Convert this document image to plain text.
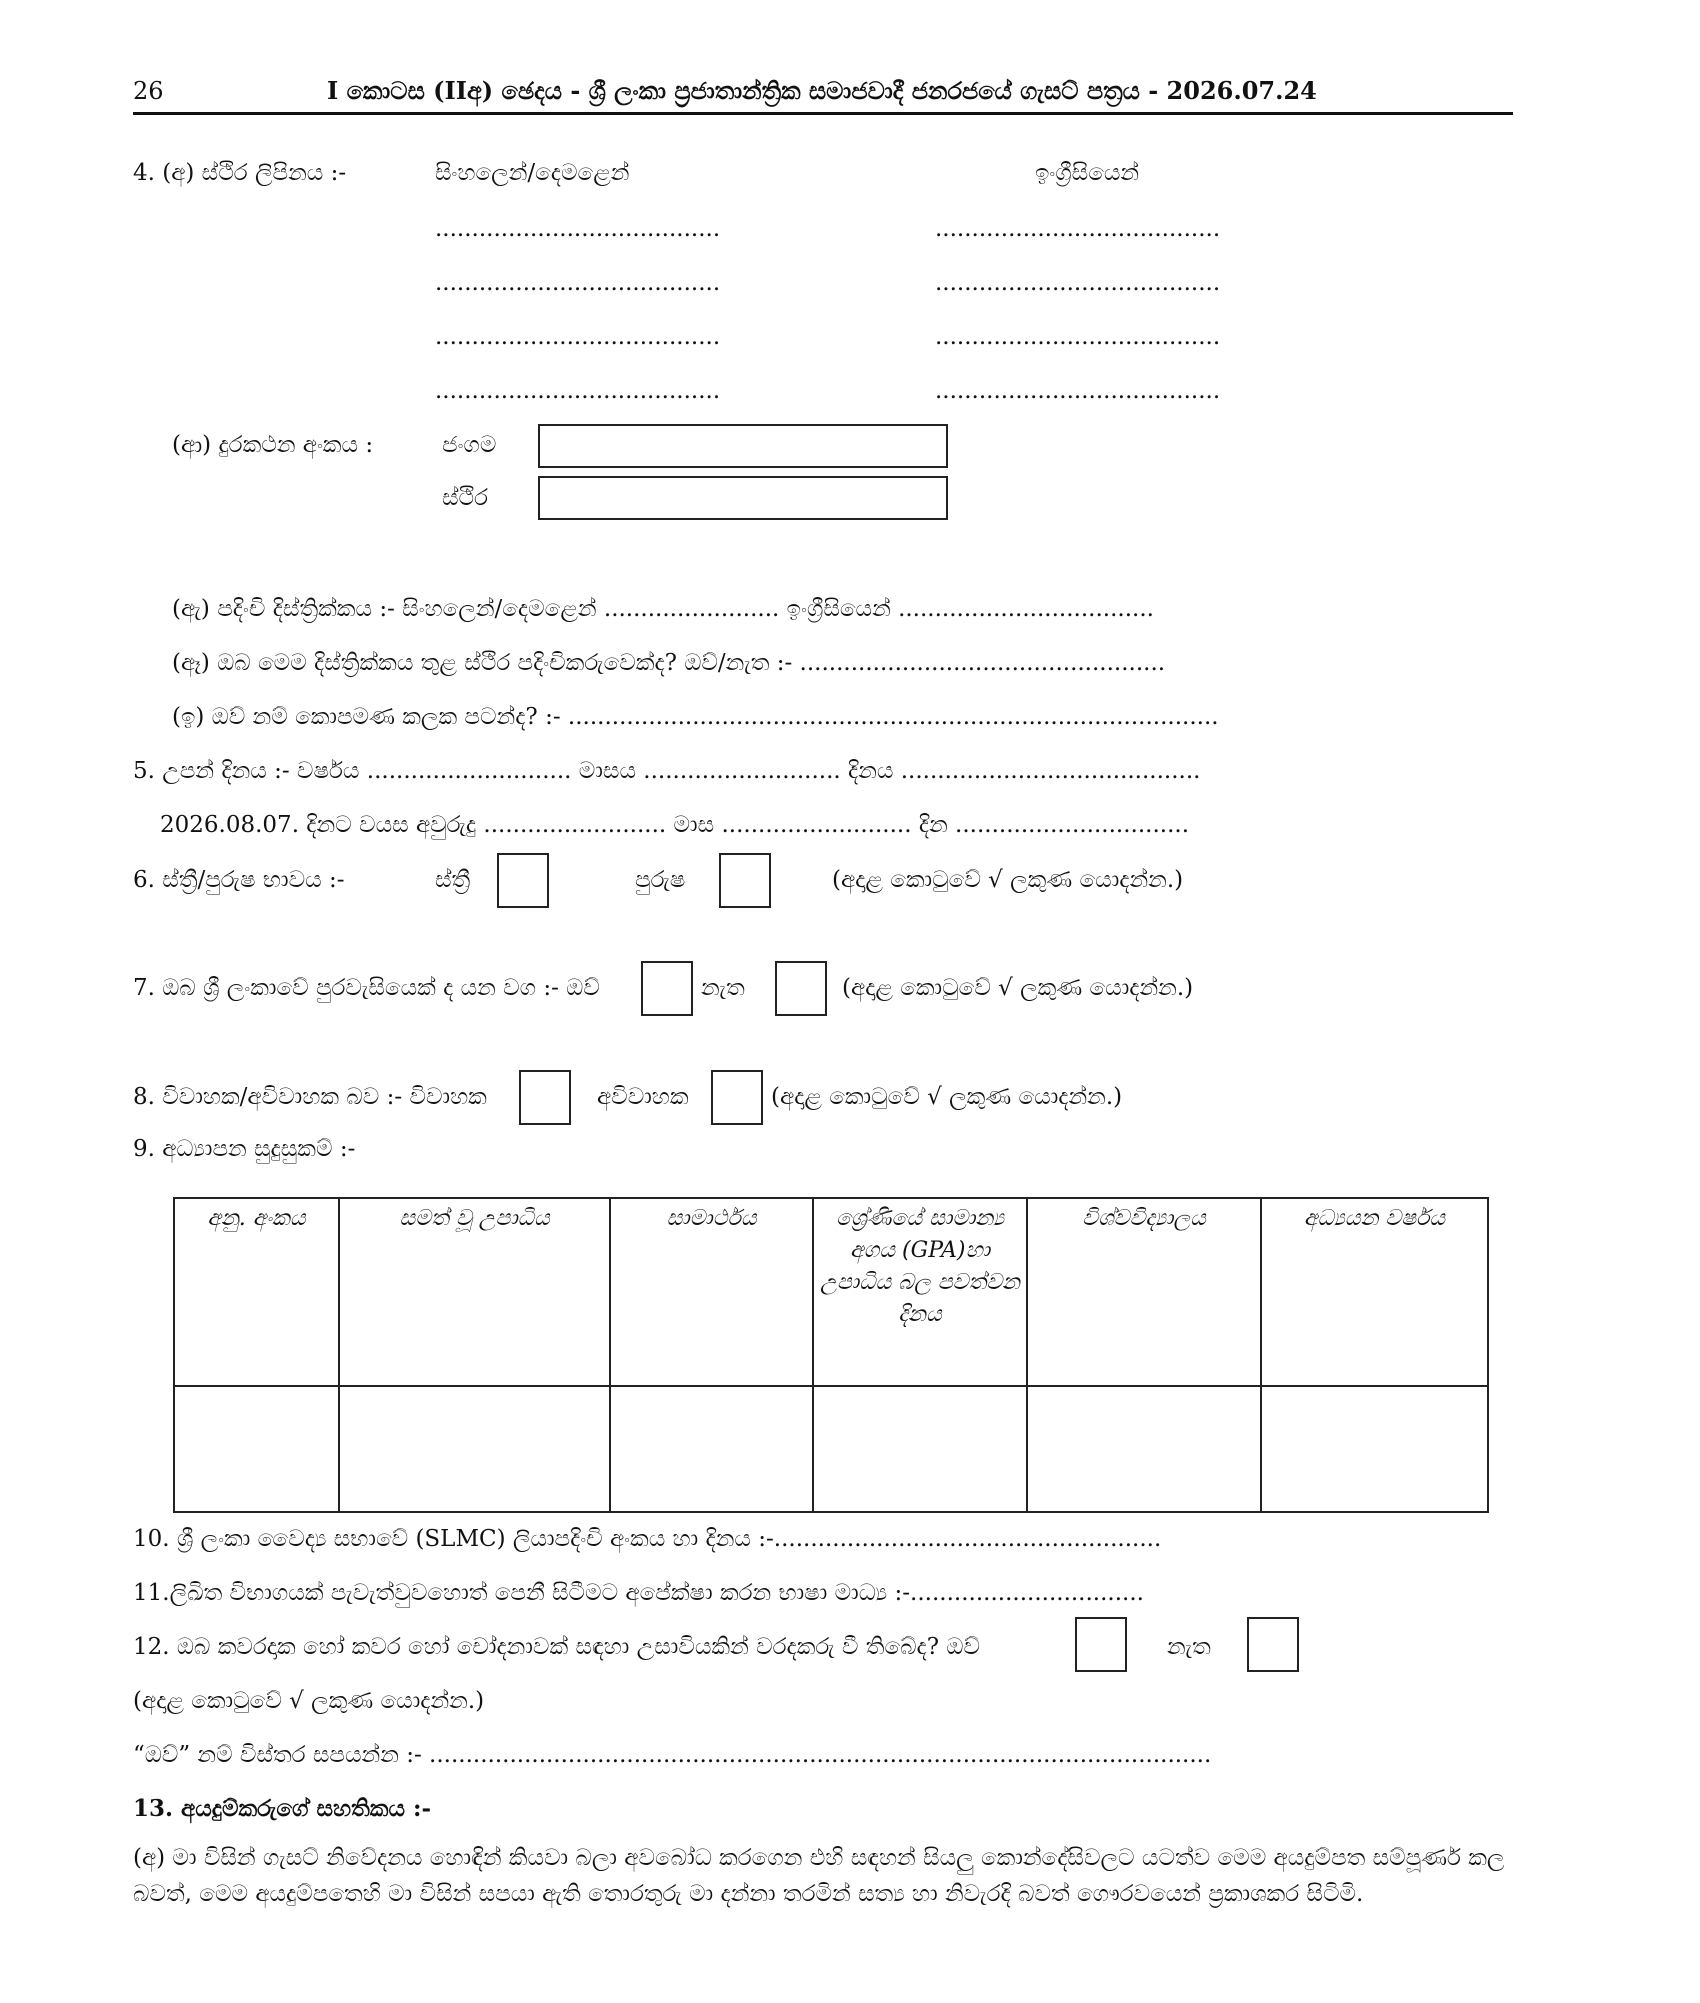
26	I කොටස (IIඅ) ඡෙදය - ශ්‍රී ලංකා ප්‍රජාතාන්ත්‍රික සමාජවාදී ජනරජයේ ගැසට් පත්‍රය - 2026.07.24
4. (අ) ස්ථිර ලිපිනය :-	සිංහලෙන්/දෙමළෙන්	ඉංග්‍රීසියෙන්
.......................................	.......................................
.......................................	.......................................
.......................................	.......................................
.......................................	.......................................
(ආ) දුරකථන අංකය :	ජංගම
ස්ථිර
(ඇ) පදිංචි දිස්ත්‍රික්කය :- සිංහලෙන්/දෙමළෙන් ........................ ඉංග්‍රීසියෙන් ...................................
(ඈ) ඔබ මෙම දිස්ත්‍රික්කය තුළ ස්ථිර පදිංචිකරුවෙක්ද? ඔව්/නැත :- ..................................................
(ඉ) ඔව් නම් කොපමණ කලක පටන්ද? :- .........................................................................................
5. උපන් දිනය :- වර්ෂය ............................ මාසය ........................... දිනය .........................................
2026.08.07. දිනට වයස අවුරුදු ......................... මාස .......................... දින ................................
6. ස්ත්‍රී/පුරුෂ භාවය :-	ස්ත්‍රී	පුරුෂ	(අදාළ කොටුවේ √ ලකුණ යොදන්න.)
7. ඔබ ශ්‍රී ලංකාවේ පුරවැසියෙක් ද යන වග :- ඔව්	නැත	(අදාළ කොටුවේ √ ලකුණ යොදන්න.)
8. විවාහක/අවිවාහක බව :- විවාහක	අවිවාහක	(අදාළ කොටුවේ √ ලකුණ යොදන්න.)
9. අධ්‍යාපන සුදුසුකම් :-
අනු. අංකය	සමත් වූ උපාධිය	සාමාර්ථය	ශ්‍රේණියේ සාමාන්‍ය අගය (GPA)හා උපාධිය බල පවත්වන දිනය	විශ්වවිද්‍යාලය	අධ්‍යයන වර්ෂය

10. ශ්‍රී ලංකා වෛද්‍ය සභාවේ (SLMC) ලියාපදිංචි අංකය හා දිනය :-.....................................................
11.ලිඛිත විභාගයක් පැවැත්වුවහොත් පෙනී සිටීමට අපේක්ෂා කරන භාෂා මාධ්‍ය :-................................
12. ඔබ කවරදාක හෝ කවර හෝ චෝදනාවක් සඳහා උසාවියකින් වරදකරු වී තිබේද? ඔව්	නැත
(අදාළ කොටුවේ √ ලකුණ යොදන්න.)
“ඔව්” නම් විස්තර සපයන්න :- ...........................................................................................................
13. අයදුම්කරුගේ සහතිකය :-
(අ) මා විසින් ගැසට් නිවේදනය හොඳින් කියවා බලා අවබෝධ කරගෙන එහි සඳහන් සියලු කොන්දේසිවලට යටත්ව මෙම අයදුම්පත සම්පූර්ණ කල බවත්, මෙම අයදුම්පතෙහි මා විසින් සපයා ඇති තොරතුරු මා දන්නා තරමින් සත්‍ය හා නිවැරදි බවත් ගෞරවයෙන් ප්‍රකාශකර සිටිමි.
